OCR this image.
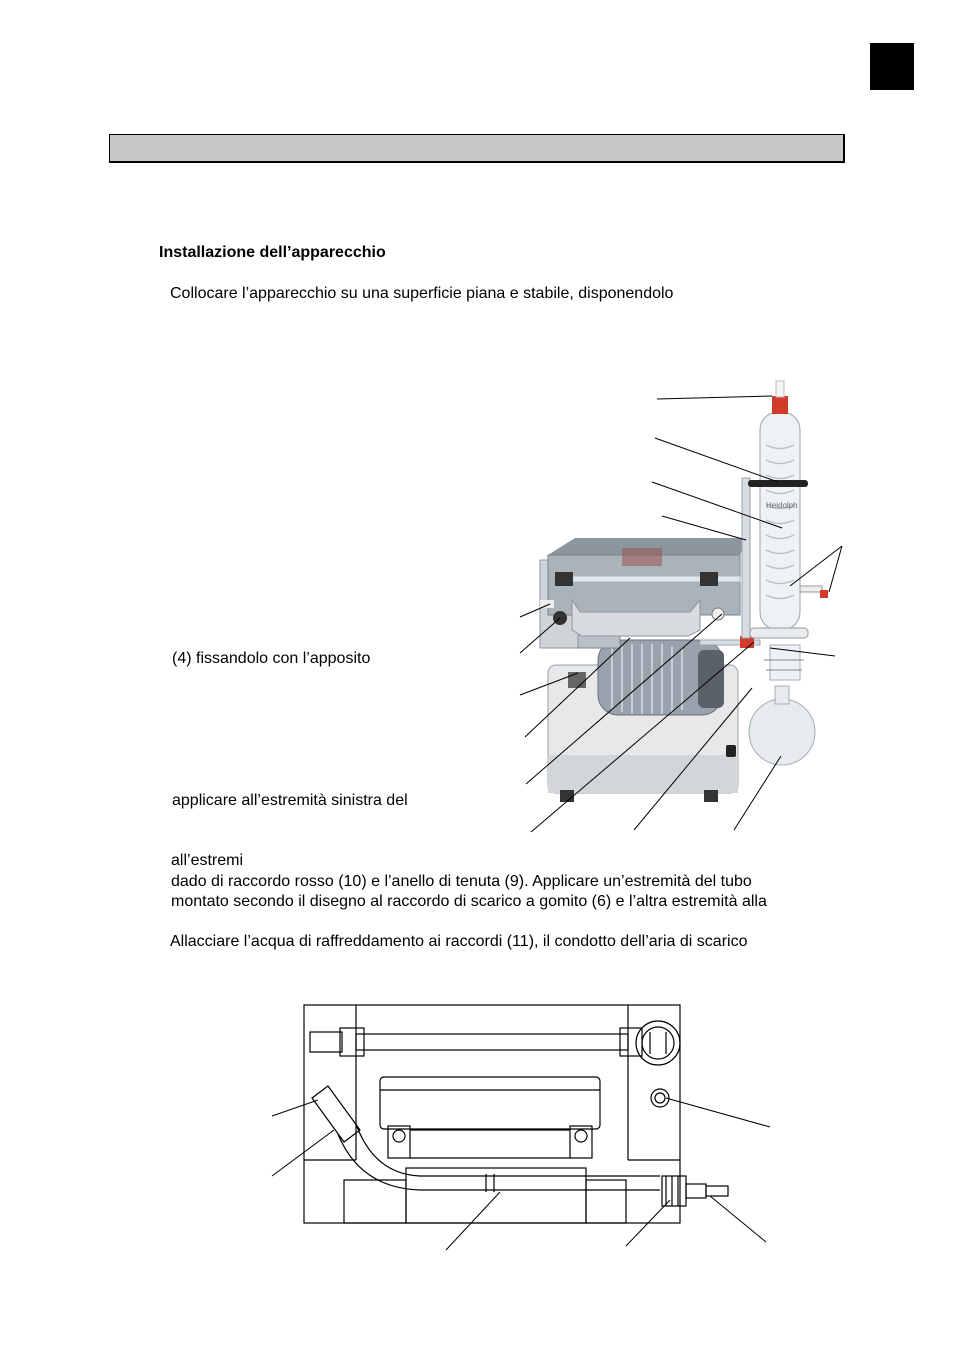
Installazione dell’apparecchio
Collocare l’apparecchio su una superficie piana e stabile, disponendolo
(4) fissandolo con l’apposito
applicare all’estremità sinistra del
all’estremi
dado di raccordo rosso (10) e l’anello di tenuta (9). Applicare un’estremità del tubo
montato secondo il disegno al raccordo di scarico a gomito (6) e l’altra estremità alla
Allacciare l’acqua di raffreddamento ai raccordi (11), il condotto dell’aria di scarico
Heidolph
